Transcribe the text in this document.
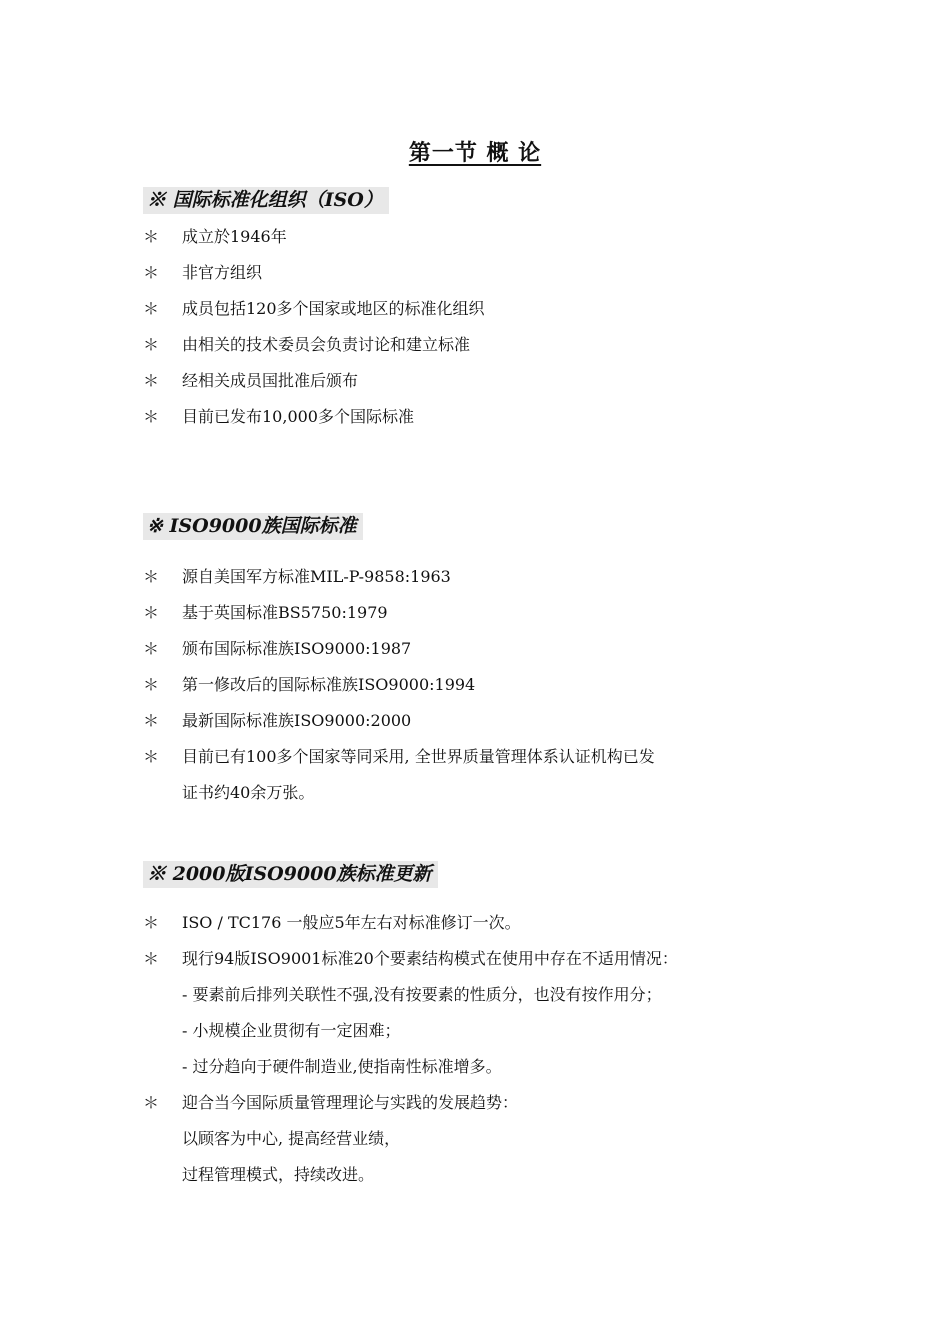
第一节 概 论
※ 国际标准化组织（ISO）
＊ 成立於1946年
＊ 非官方组织
＊ 成员包括120多个国家或地区的标准化组织
＊ 由相关的技术委员会负责讨论和建立标准
＊ 经相关成员国批准后颁布
＊ 目前已发布10,000多个国际标准
※ ISO9000族国际标准
＊ 源自美国军方标准MIL-P-9858:1963
＊ 基于英国标准BS5750:1979
＊ 颁布国际标准族ISO9000:1987
＊ 第一修改后的国际标准族ISO9000:1994
＊ 最新国际标准族ISO9000:2000
＊ 目前已有100多个国家等同采用, 全世界质量管理体系认证机构已发
证书约40余万张。
※ 2000版ISO9000族标准更新
＊ ISO / TC176 一般应5年左右对标准修订一次。
＊ 现行94版ISO9001标准20个要素结构模式在使用中存在不适用情况：
- 要素前后排列关联性不强,没有按要素的性质分，也没有按作用分；
- 小规模企业贯彻有一定困难；
- 过分趋向于硬件制造业,使指南性标准增多。
＊ 迎合当今国际质量管理理论与实践的发展趋势：
以顾客为中心, 提高经营业绩，
过程管理模式，持续改进。
